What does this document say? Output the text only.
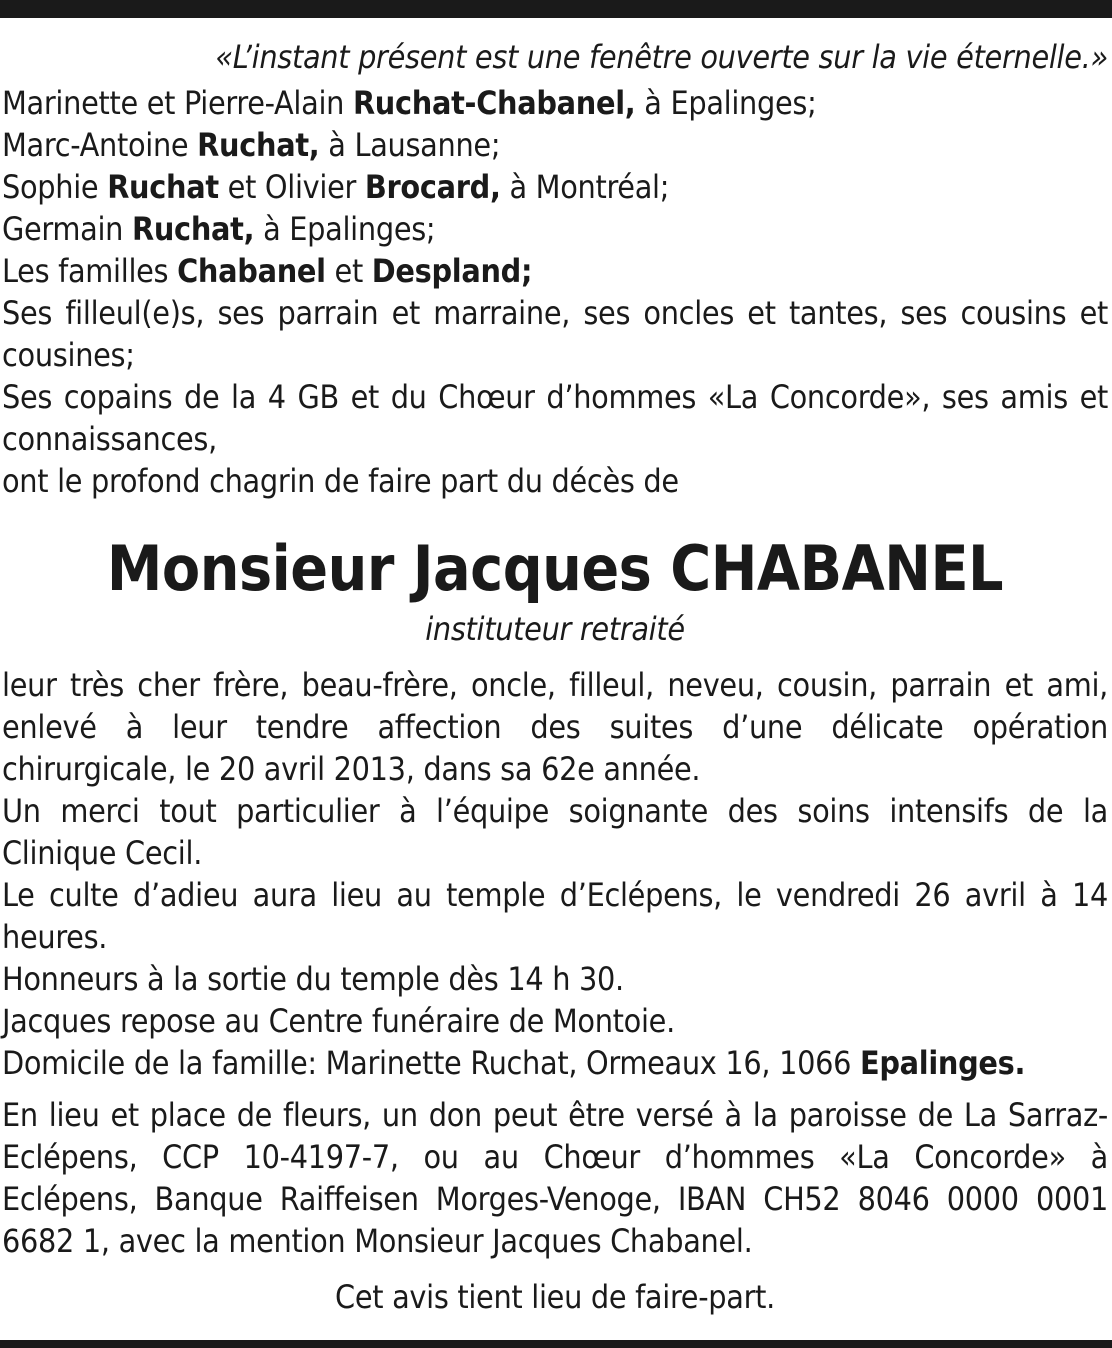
«L’instant présent est une fenêtre ouverte sur la vie éternelle.»
Marinette et Pierre-Alain Ruchat-Chabanel, à Epalinges;
Marc-Antoine Ruchat, à Lausanne;
Sophie Ruchat et Olivier Brocard, à Montréal;
Germain Ruchat, à Epalinges;
Les familles Chabanel et Despland;
Ses filleul(e)s, ses parrain et marraine, ses oncles et tantes, ses cousins et cousines;
Ses copains de la 4 GB et du Chœur d’hommes «La Concorde», ses amis et connaissances,
ont le profond chagrin de faire part du décès de
Monsieur Jacques CHABANEL
instituteur retraité
leur très cher frère, beau-frère, oncle, filleul, neveu, cousin, parrain et ami, enlevé à leur tendre affection des suites d’une délicate opération chirurgicale, le 20 avril 2013, dans sa 62e année.
Un merci tout particulier à l’équipe soignante des soins intensifs de la Clinique Cecil.
Le culte d’adieu aura lieu au temple d’Eclépens, le vendredi 26 avril à 14 heures.
Honneurs à la sortie du temple dès 14 h 30.
Jacques repose au Centre funéraire de Montoie.
Domicile de la famille: Marinette Ruchat, Ormeaux 16, 1066 Epalinges.
En lieu et place de fleurs, un don peut être versé à la paroisse de La Sarraz-Eclépens, CCP 10-4197-7, ou au Chœur d’hommes «La Concorde» à Eclépens, Banque Raiffeisen Morges-Venoge, IBAN CH52 8046 0000 0001 6682 1, avec la mention Monsieur Jacques Chabanel.
Cet avis tient lieu de faire-part.
